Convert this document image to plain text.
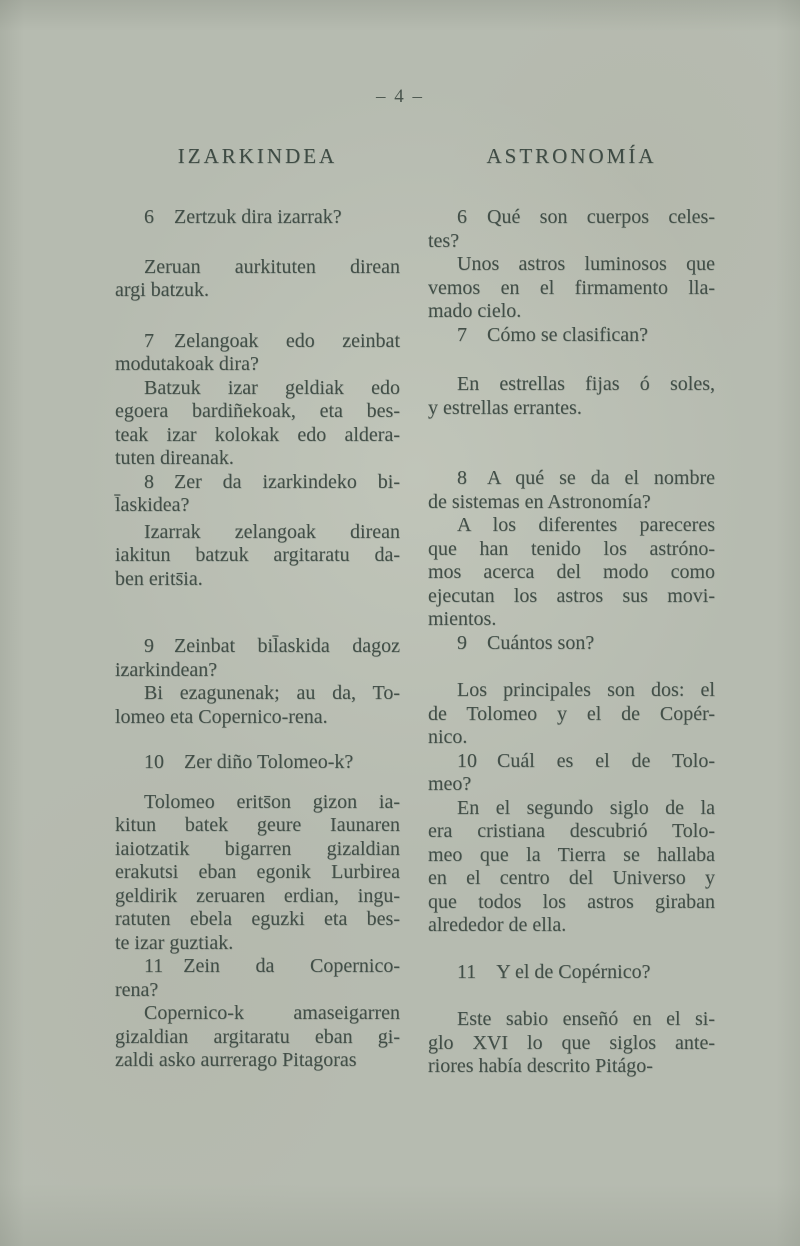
– 4 –
IZARKINDEA

6 Zertzuk dira izarrak?

Zeruan aurkituten direan
argi batzuk.

7 Zelangoak edo zeinbat
modutakoak dira?

Batzuk izar geldiak edo
egoera bardiñekoak, eta bes-
teak izar kolokak edo aldera-
tuten direanak.

8 Zer da izarkindeko bi-
l̄askidea?

Izarrak zelangoak direan
iakitun batzuk argitaratu da-
ben erits̄ia.

9 Zeinbat bil̄askida dagoz
izarkindean?

Bi ezagunenak; au da, To-
lomeo eta Copernico-rena.

10 Zer diño Tolomeo-k?

Tolomeo erits̄on gizon ia-
kitun batek geure Iaunaren
iaiotzatik bigarren gizaldian
erakutsi eban egonik Lurbirea
geldirik zeruaren erdian, ingu-
ratuten ebela eguzki eta bes-
te izar guztiak.

11 Zein da Copernico-
rena?

Copernico-k amaseigarren
gizaldian argitaratu eban gi-
zaldi asko aurrerago Pitagoras

ASTRONOMÍA

6 Qué son cuerpos celes-
tes?

Unos astros luminosos que
vemos en el firmamento lla-
mado cielo.

7 Cómo se clasifican?

En estrellas fijas ó soles,
y estrellas errantes.

8 A qué se da el nombre
de sistemas en Astronomía?

A los diferentes pareceres
que han tenido los astróno-
mos acerca del modo como
ejecutan los astros sus movi-
mientos.

9 Cuántos son?

Los principales son dos: el
de Tolomeo y el de Copér-
nico.

10 Cuál es el de Tolo-
meo?

En el segundo siglo de la
era cristiana descubrió Tolo-
meo que la Tierra se hallaba
en el centro del Universo y
que todos los astros giraban
alrededor de ella.

11 Y el de Copérnico?

Este sabio enseñó en el si-
glo XVI lo que siglos ante-
riores había descrito Pitágo-
